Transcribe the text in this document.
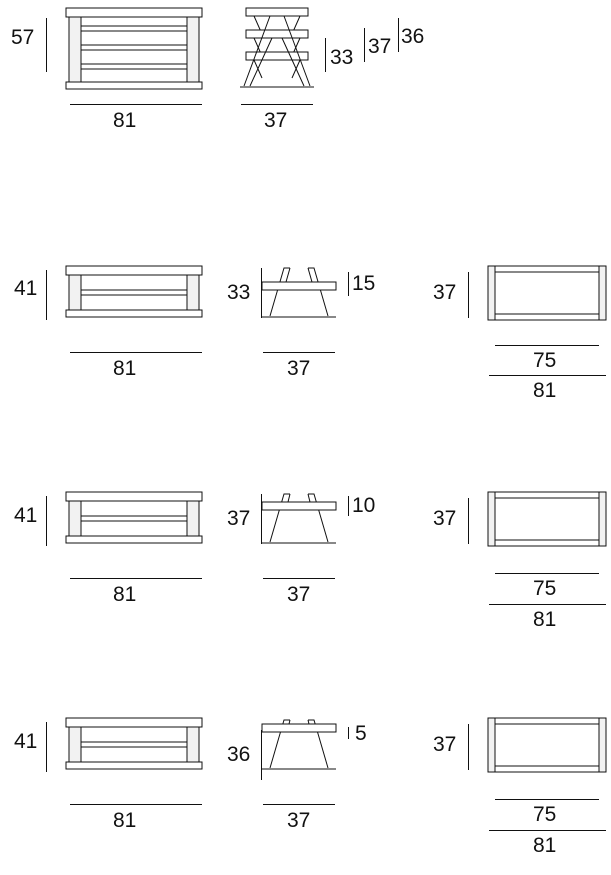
57
81	37
33 37 36
41
81
33	15
37
37
75
81
41
81
37
10
37
37
75
81
41
81
36
5
37
37
75
81
